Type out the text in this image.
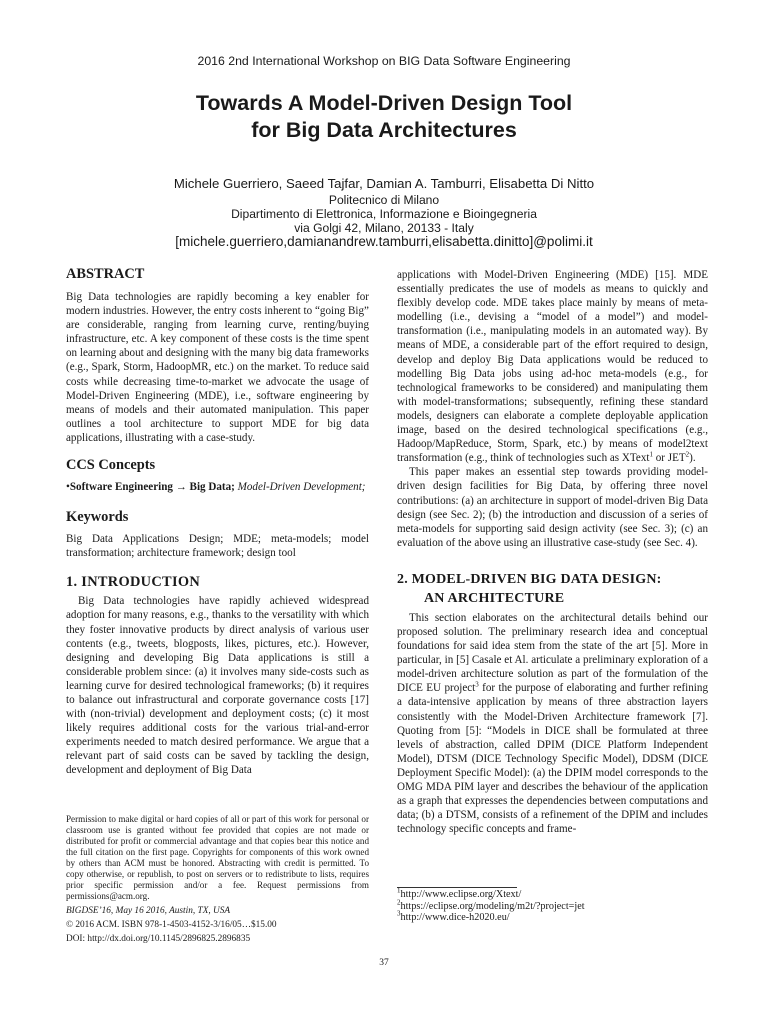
2016 2nd International Workshop on BIG Data Software Engineering
Towards A Model-Driven Design Tool
for Big Data Architectures
Michele Guerriero, Saeed Tajfar, Damian A. Tamburri, Elisabetta Di Nitto
Politecnico di Milano
Dipartimento di Elettronica, Informazione e Bioingegneria
via Golgi 42, Milano, 20133 - Italy
[michele.guerriero,damianandrew.tamburri,elisabetta.dinitto]@polimi.it
ABSTRACT

Big Data technologies are rapidly becoming a key enabler for modern industries. However, the entry costs inherent to “going Big” are considerable, ranging from learning curve, renting/buying infrastructure, etc. A key component of these costs is the time spent on learning about and designing with the many big data frameworks (e.g., Spark, Storm, HadoopMR, etc.) on the market. To reduce said costs while decreasing time-to-market we advocate the usage of Model-Driven Engineering (MDE), i.e., software engineering by means of models and their automated manipulation. This paper outlines a tool architecture to support MDE for big data applications, illustrating with a case-study.

CCS Concepts

•Software Engineering → Big Data; Model-Driven Development;

Keywords

Big Data Applications Design; MDE; meta-models; model transformation; architecture framework; design tool

1. INTRODUCTION

Big Data technologies have rapidly achieved widespread adoption for many reasons, e.g., thanks to the versatility with which they foster innovative products by direct analysis of various user contents (e.g., tweets, blogposts, likes, pictures, etc.). However, designing and developing Big Data applications is still a considerable problem since: (a) it involves many side-costs such as learning curve for desired technological frameworks; (b) it requires to balance out infrastructural and corporate governance costs [17] with (non-trivial) development and deployment costs; (c) it most likely requires additional costs for the various trial-and-error experiments needed to match desired performance. We argue that a relevant part of said costs can be saved by tackling the design, development and deployment of Big Data

Permission to make digital or hard copies of all or part of this work for personal or classroom use is granted without fee provided that copies are not made or distributed for profit or commercial advantage and that copies bear this notice and the full citation on the first page. Copyrights for components of this work owned by others than ACM must be honored. Abstracting with credit is permitted. To copy otherwise, or republish, to post on servers or to redistribute to lists, requires prior specific permission and/or a fee. Request permissions from permissions@acm.org.

BIGDSE’16, May 16 2016, Austin, TX, USA

© 2016 ACM. ISBN 978-1-4503-4152-3/16/05…$15.00

DOI: http://dx.doi.org/10.1145/2896825.2896835

applications with Model-Driven Engineering (MDE) [15]. MDE essentially predicates the use of models as means to quickly and flexibly develop code. MDE takes place mainly by means of meta-modelling (i.e., devising a “model of a model”) and model-transformation (i.e., manipulating models in an automated way). By means of MDE, a considerable part of the effort required to design, develop and deploy Big Data applications would be reduced to modelling Big Data jobs using ad-hoc meta-models (e.g., for technological frameworks to be considered) and manipulating them with model-transformations; subsequently, refining these standard models, designers can elaborate a complete deployable application image, based on the desired technological specifications (e.g., Hadoop/MapReduce, Storm, Spark, etc.) by means of model2text transformation (e.g., think of technologies such as XText$^1$ or JET$^2$).

This paper makes an essential step towards providing model-driven design facilities for Big Data, by offering three novel contributions: (a) an architecture in support of model-driven Big Data design (see Sec. 2); (b) the introduction and discussion of a series of meta-models for supporting said design activity (see Sec. 3); (c) an evaluation of the above using an illustrative case-study (see Sec. 4).

2. MODEL-DRIVEN BIG DATA DESIGN:
AN ARCHITECTURE

This section elaborates on the architectural details behind our proposed solution. The preliminary research idea and conceptual foundations for said idea stem from the state of the art [5]. More in particular, in [5] Casale et Al. articulate a preliminary exploration of a model-driven architecture solution as part of the formulation of the DICE EU project$^3$ for the purpose of elaborating and further refining a data-intensive application by means of three abstraction layers consistently with the Model-Driven Architecture framework [7]. Quoting from [5]: “Models in DICE shall be formulated at three levels of abstraction, called DPIM (DICE Platform Independent Model), DTSM (DICE Technology Specific Model), DDSM (DICE Deployment Specific Model): (a) the DPIM model corresponds to the OMG MDA PIM layer and describes the behaviour of the application as a graph that expresses the dependencies between computations and data; (b) a DTSM, consists of a refinement of the DPIM and includes technology specific concepts and frame-

$^1$http://www.eclipse.org/Xtext/
$^2$https://eclipse.org/modeling/m2t/?project=jet
$^3$http://www.dice-h2020.eu/
37
